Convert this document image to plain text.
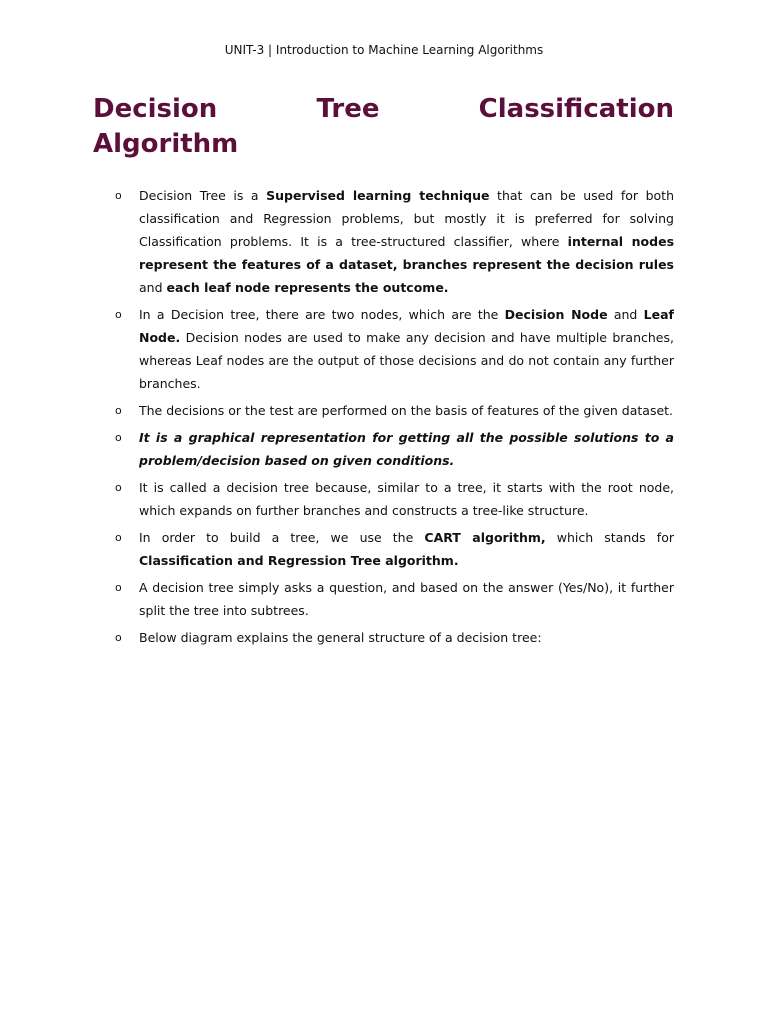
UNIT-3 | Introduction to Machine Learning Algorithms
Decision	Tree	Classification
Algorithm
o Decision Tree is a Supervised learning technique that can be used for both classification and Regression problems, but mostly it is preferred for solving Classification problems. It is a tree-structured classifier, where internal nodes represent the features of a dataset, branches represent the decision rules and each leaf node represents the outcome.
o In a Decision tree, there are two nodes, which are the Decision Node and Leaf Node. Decision nodes are used to make any decision and have multiple branches, whereas Leaf nodes are the output of those decisions and do not contain any further branches.
o The decisions or the test are performed on the basis of features of the given dataset.
o It is a graphical representation for getting all the possible solutions to a problem/decision based on given conditions.
o It is called a decision tree because, similar to a tree, it starts with the root node, which expands on further branches and constructs a tree-like structure.
o In order to build a tree, we use the CART algorithm, which stands for Classification and Regression Tree algorithm.
o A decision tree simply asks a question, and based on the answer (Yes/No), it further split the tree into subtrees.
o Below diagram explains the general structure of a decision tree:
